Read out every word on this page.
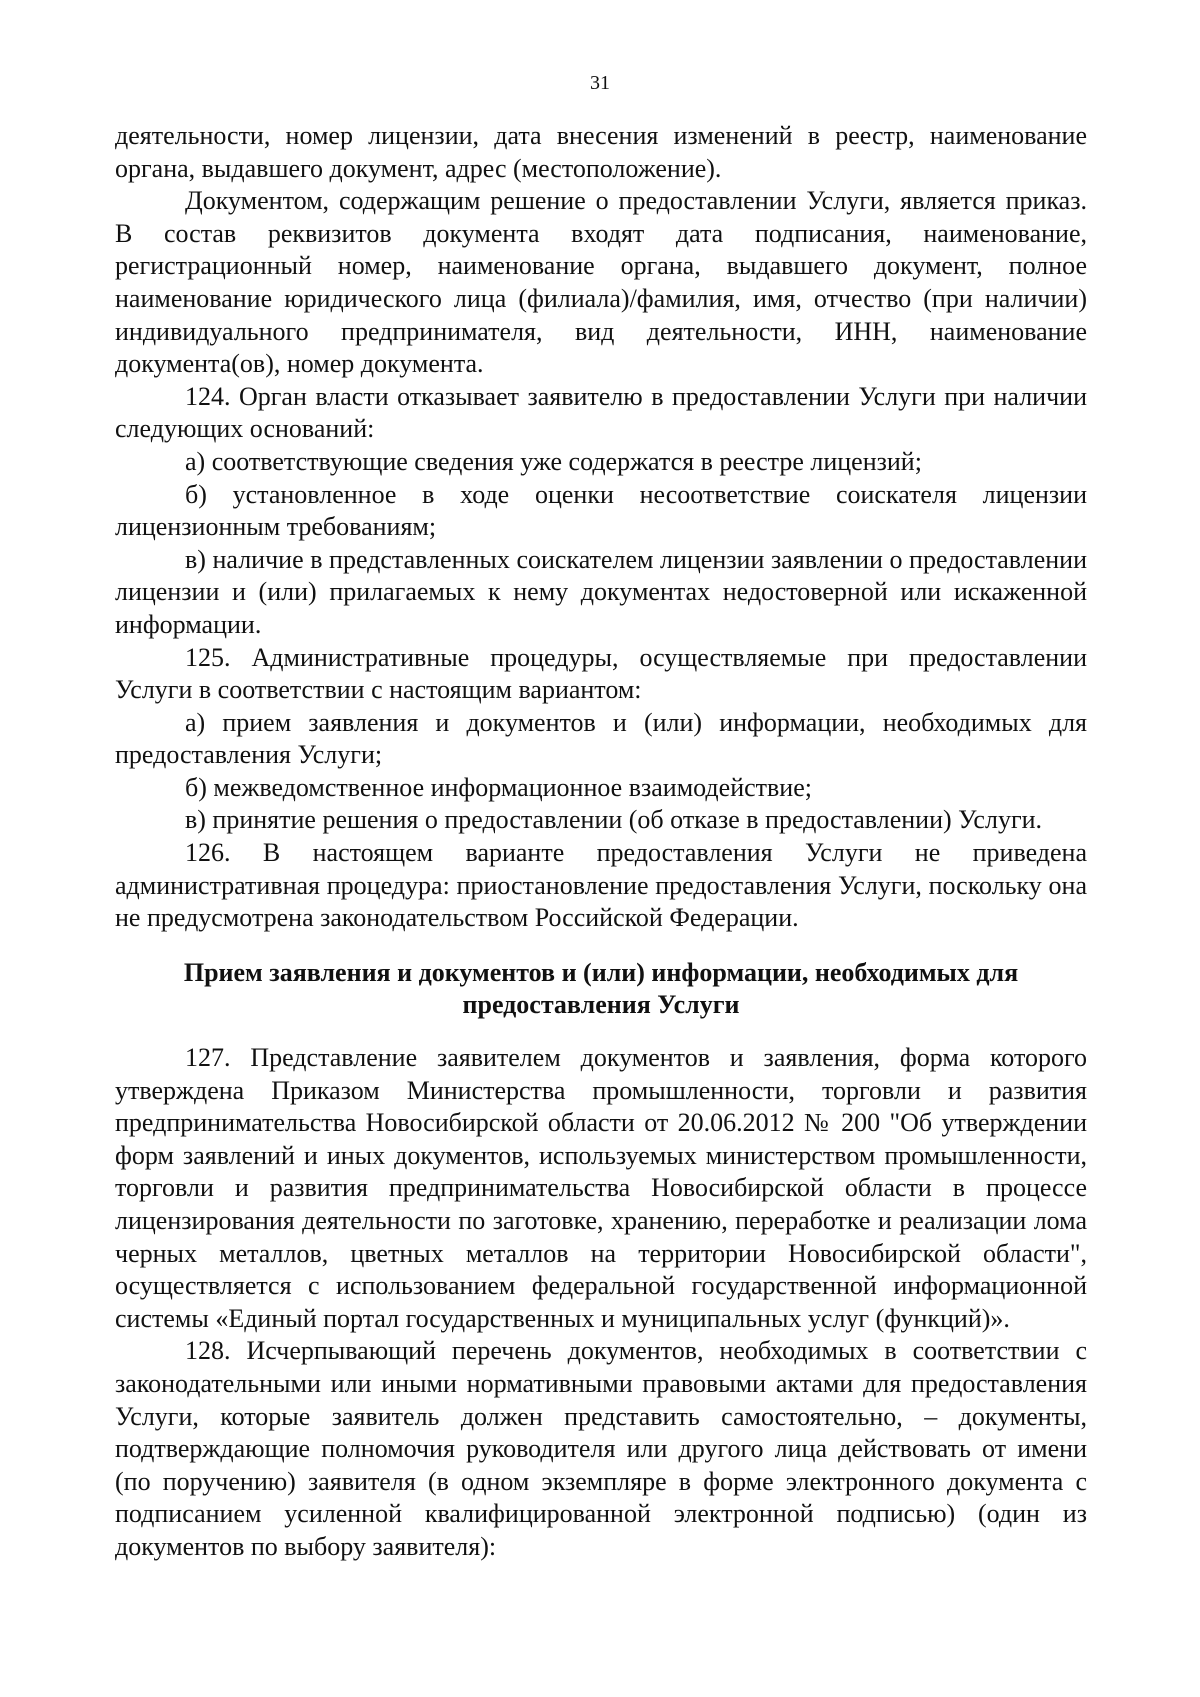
31

деятельности, номер лицензии, дата внесения изменений в реестр, наименование органа, выдавшего документ, адрес (местоположение).

Документом, содержащим решение о предоставлении Услуги, является приказ. В состав реквизитов документа входят дата подписания, наименование, регистрационный номер, наименование органа, выдавшего документ, полное наименование юридического лица (филиала)/фамилия, имя, отчество (при наличии) индивидуального предпринимателя, вид деятельности, ИНН, наименование документа(ов), номер документа.

124. Орган власти отказывает заявителю в предоставлении Услуги при наличии следующих оснований:

а) соответствующие сведения уже содержатся в реестре лицензий;

б) установленное в ходе оценки несоответствие соискателя лицензии лицензионным требованиям;

в) наличие в представленных соискателем лицензии заявлении о предоставлении лицензии и (или) прилагаемых к нему документах недостоверной или искаженной информации.

125. Административные процедуры, осуществляемые при предоставлении Услуги в соответствии с настоящим вариантом:

а) прием заявления и документов и (или) информации, необходимых для предоставления Услуги;

б) межведомственное информационное взаимодействие;

в) принятие решения о предоставлении (об отказе в предоставлении) Услуги.

126. В настоящем варианте предоставления Услуги не приведена административная процедура: приостановление предоставления Услуги, поскольку она не предусмотрена законодательством Российской Федерации.

Прием заявления и документов и (или) информации, необходимых для
предоставления Услуги

127. Представление заявителем документов и заявления, форма которого утверждена Приказом Министерства промышленности, торговли и развития предпринимательства Новосибирской области от 20.06.2012 № 200 "Об утверждении форм заявлений и иных документов, используемых министерством промышленности, торговли и развития предпринимательства Новосибирской области в процессе лицензирования деятельности по заготовке, хранению, переработке и реализации лома черных металлов, цветных металлов на территории Новосибирской области", осуществляется с использованием федеральной государственной информационной системы «Единый портал государственных и муниципальных услуг (функций)».

128. Исчерпывающий перечень документов, необходимых в соответствии с законодательными или иными нормативными правовыми актами для предоставления Услуги, которые заявитель должен представить самостоятельно, – документы, подтверждающие полномочия руководителя или другого лица действовать от имени (по поручению) заявителя (в одном экземпляре в форме электронного документа с подписанием усиленной квалифицированной электронной подписью) (один из документов по выбору заявителя):
